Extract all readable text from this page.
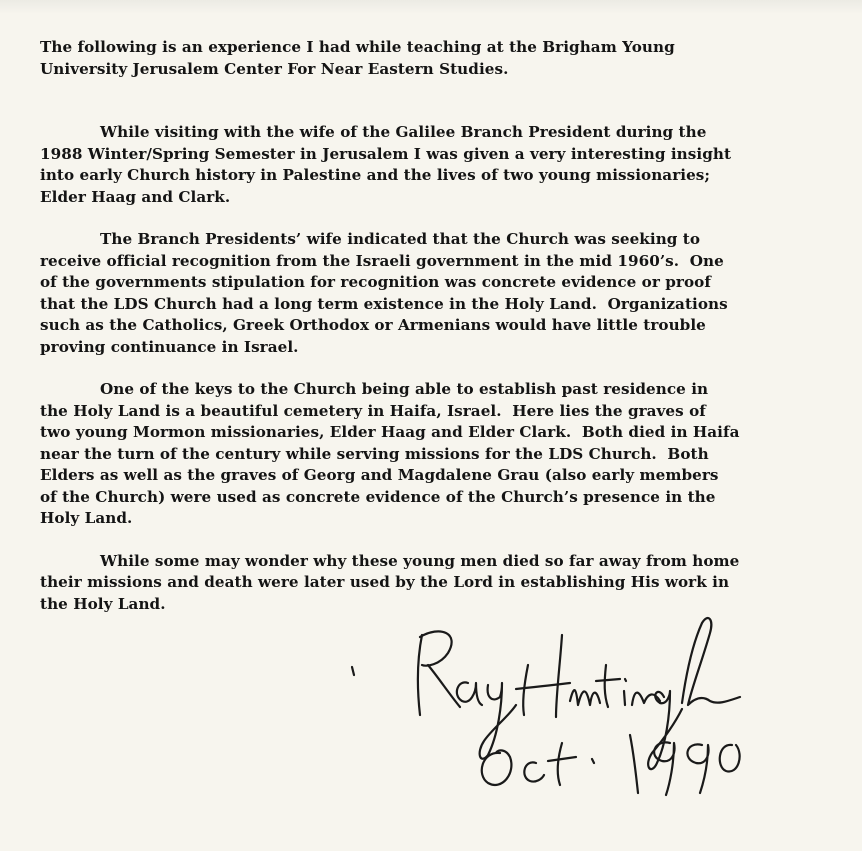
The following is an experience I had while teaching at the Brigham Young

University Jerusalem Center For Near Eastern Studies.

While visiting with the wife of the Galilee Branch President during the

1988 Winter/Spring Semester in Jerusalem I was given a very interesting insight

into early Church history in Palestine and the lives of two young missionaries;

Elder Haag and Clark.

The Branch Presidents’ wife indicated that the Church was seeking to

receive official recognition from the Israeli government in the mid 1960’s.  One

of the governments stipulation for recognition was concrete evidence or proof

that the LDS Church had a long term existence in the Holy Land.  Organizations

such as the Catholics, Greek Orthodox or Armenians would have little trouble

proving continuance in Israel.

One of the keys to the Church being able to establish past residence in

the Holy Land is a beautiful cemetery in Haifa, Israel.  Here lies the graves of

two young Mormon missionaries, Elder Haag and Elder Clark.  Both died in Haifa

near the turn of the century while serving missions for the LDS Church.  Both

Elders as well as the graves of Georg and Magdalene Grau (also early members

of the Church) were used as concrete evidence of the Church’s presence in the

Holy Land.

While some may wonder why these young men died so far away from home

their missions and death were later used by the Lord in establishing His work in

the Holy Land.
